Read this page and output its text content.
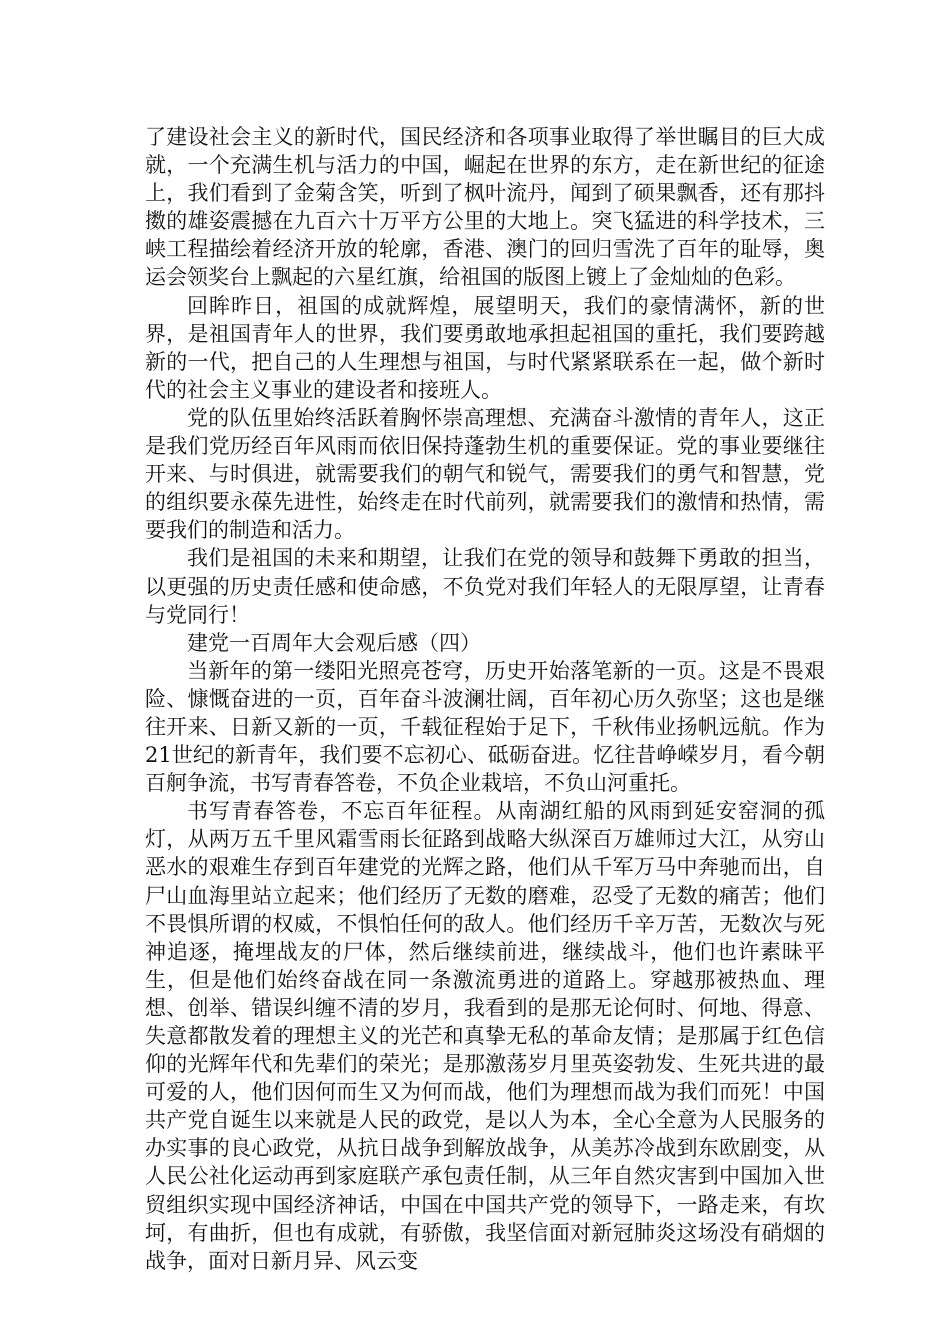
了建设社会主义的新时代，国民经济和各项事业取得了举世瞩目的巨大成就，一个充满生机与活力的中国，崛起在世界的东方，走在新世纪的征途上，我们看到了金菊含笑，听到了枫叶流丹，闻到了硕果飘香，还有那抖擞的雄姿震撼在九百六十万平方公里的大地上。突飞猛进的科学技术，三峡工程描绘着经济开放的轮廓，香港、澳门的回归雪洗了百年的耻辱，奥运会领奖台上飘起的六星红旗，给祖国的版图上镀上了金灿灿的色彩。

回眸昨日，祖国的成就辉煌，展望明天，我们的豪情满怀，新的世界，是祖国青年人的世界，我们要勇敢地承担起祖国的重托，我们要跨越新的一代，把自己的人生理想与祖国，与时代紧紧联系在一起，做个新时代的社会主义事业的建设者和接班人。

党的队伍里始终活跃着胸怀崇高理想、充满奋斗激情的青年人，这正是我们党历经百年风雨而依旧保持蓬勃生机的重要保证。党的事业要继往开来、与时俱进，就需要我们的朝气和锐气，需要我们的勇气和智慧，党的组织要永葆先进性，始终走在时代前列，就需要我们的激情和热情，需要我们的制造和活力。

我们是祖国的未来和期望，让我们在党的领导和鼓舞下勇敢的担当，以更强的历史责任感和使命感，不负党对我们年轻人的无限厚望，让青春与党同行！

建党一百周年大会观后感（四）

当新年的第一缕阳光照亮苍穹，历史开始落笔新的一页。这是不畏艰险、慷慨奋进的一页，百年奋斗波澜壮阔，百年初心历久弥坚；这也是继往开来、日新又新的一页，千载征程始于足下，千秋伟业扬帆远航。作为21世纪的新青年，我们要不忘初心、砥砺奋进。忆往昔峥嵘岁月，看今朝百舸争流，书写青春答卷，不负企业栽培，不负山河重托。

书写青春答卷，不忘百年征程。从南湖红船的风雨到延安窑洞的孤灯，从两万五千里风霜雪雨长征路到战略大纵深百万雄师过大江，从穷山恶水的艰难生存到百年建党的光辉之路，他们从千军万马中奔驰而出，自尸山血海里站立起来；他们经历了无数的磨难，忍受了无数的痛苦；他们不畏惧所谓的权威，不惧怕任何的敌人。他们经历千辛万苦，无数次与死神追逐，掩埋战友的尸体，然后继续前进，继续战斗，他们也许素昧平生，但是他们始终奋战在同一条激流勇进的道路上。穿越那被热血、理想、创举、错误纠缠不清的岁月，我看到的是那无论何时、何地、得意、失意都散发着的理想主义的光芒和真挚无私的革命友情；是那属于红色信仰的光辉年代和先辈们的荣光；是那激荡岁月里英姿勃发、生死共进的最可爱的人，他们因何而生又为何而战，他们为理想而战为我们而死！中国共产党自诞生以来就是人民的政党，是以人为本，全心全意为人民服务的办实事的良心政党，从抗日战争到解放战争，从美苏冷战到东欧剧变，从人民公社化运动再到家庭联产承包责任制，从三年自然灾害到中国加入世贸组织实现中国经济神话，中国在中国共产党的领导下，一路走来，有坎坷，有曲折，但也有成就，有骄傲，我坚信面对新冠肺炎这场没有硝烟的战争，面对日新月异、风云变
